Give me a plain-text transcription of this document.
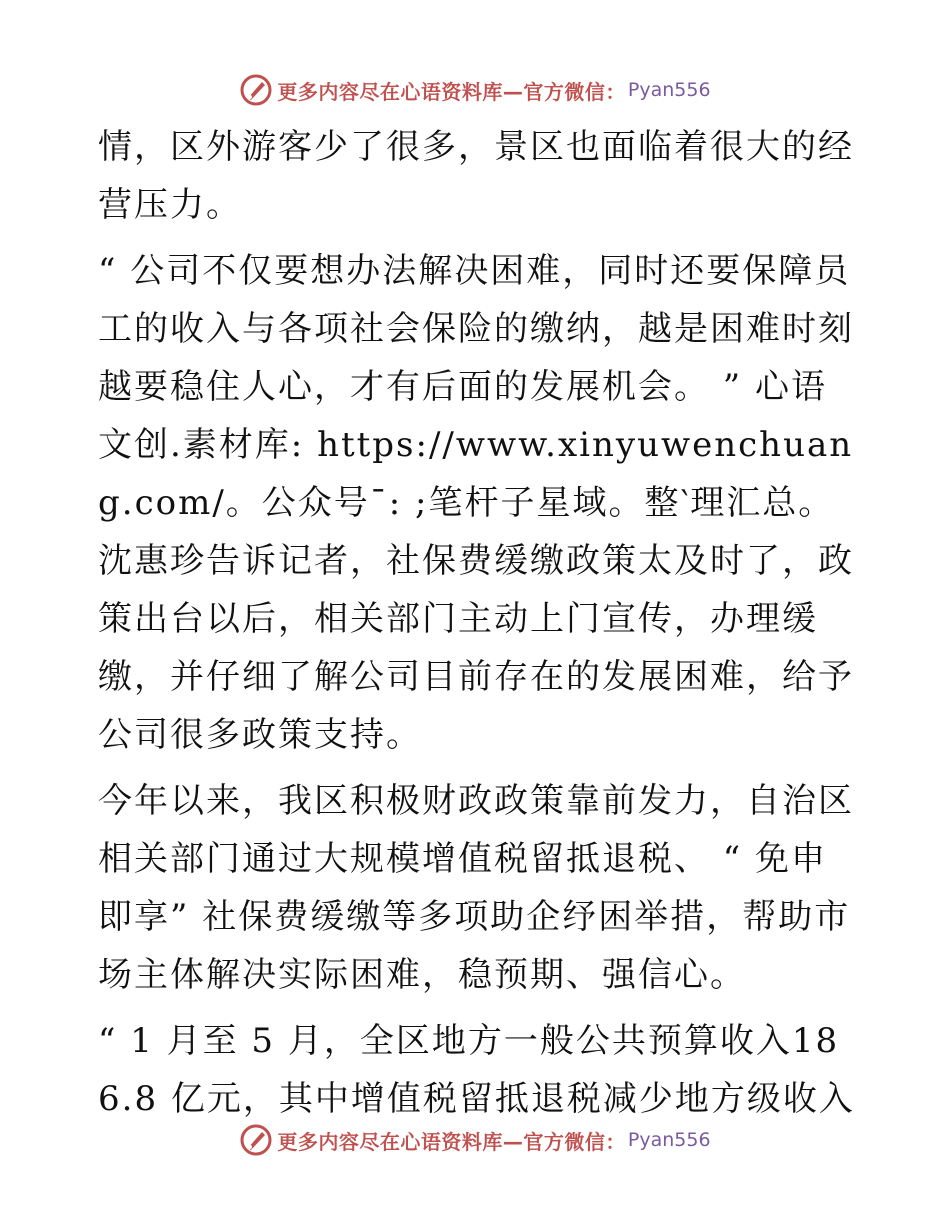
更多内容尽在心语资料库—官方微信： Pyan556

情，区外游客少了很多，景区也面临着很大的经营压力。

“ 公司不仅要想办法解决困难，同时还要保障员工的收入与各项社会保险的缴纳，越是困难时刻越要稳住人心，才有后面的发展机会。 ” 心语文创.素材库: https://www.xinyuwenchuang.com/。公众号¯: ;笔杆子星域。整‵理汇总。沈惠珍告诉记者，社保费缓缴政策太及时了，政策出台以后，相关部门主动上门宣传，办理缓缴，并仔细了解公司目前存在的发展困难，给予公司很多政策支持。

今年以来，我区积极财政政策靠前发力，自治区相关部门通过大规模增值税留抵退税、 “ 免申即享” 社保费缓缴等多项助企纾困举措，帮助市场主体解决实际困难，稳预期、强信心。

“ 1 月至 5 月，全区地方一般公共预算收入186.8 亿元，其中增值税留抵退税减少地方级收入

更多内容尽在心语资料库—官方微信： Pyan556
